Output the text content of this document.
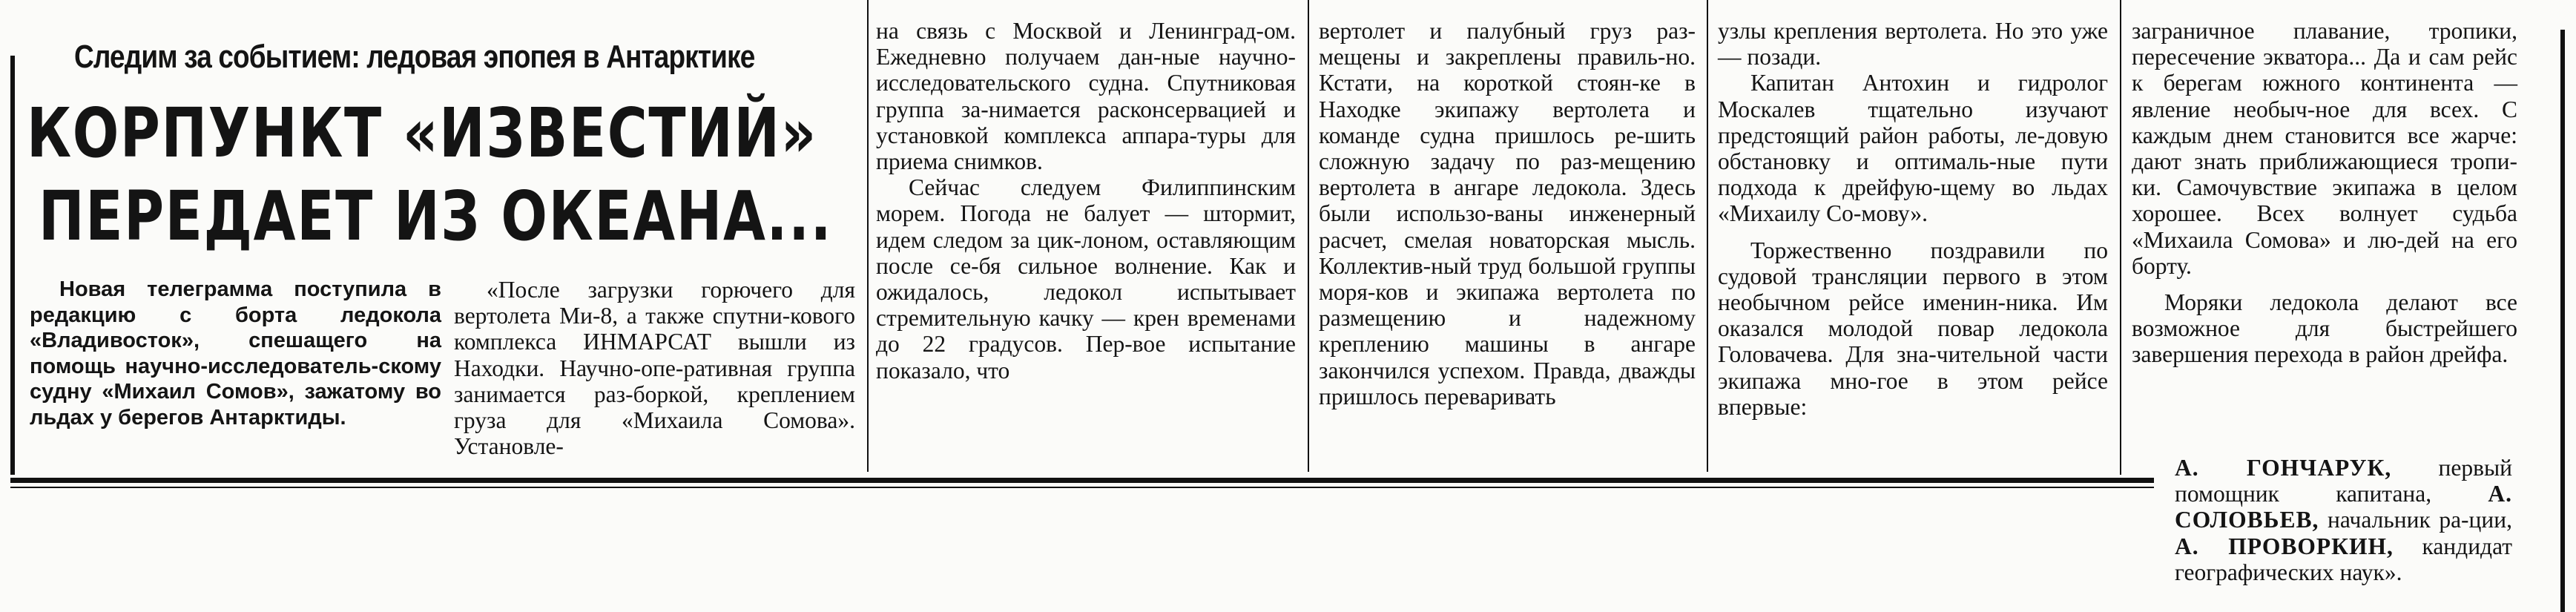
Следим за событием: ледовая эпопея в Антарктике
КОРПУНКТ «ИЗВЕСТИЙ»
ПЕРЕДАЕТ ИЗ ОКЕАНА...

Новая телеграмма поступила в редакцию с борта ледокола «Владивосток», спешащего на помощь научно-исследователь-скому судну «Михаил Сомов», зажатому во льдах у берегов Антарктиды.

«После загрузки горючего для вертолета Ми-8, а также спутни-кового комплекса ИНМАРСАТ вышли из Находки. Научно-опе-ративная группа занимается раз-боркой, креплением груза для «Михаила Сомова». Установле-

на связь с Москвой и Ленинград-ом. Ежедневно получаем дан-ные научно-исследовательского судна. Спутниковая группа за-нимается расконсервацией и установкой комплекса аппара-туры для приема снимков.

Сейчас следуем Филиппинским морем. Погода не балует — штормит, идем следом за цик-лоном, оставляющим после се-бя сильное волнение. Как и ожидалось, ледокол испытывает стремительную качку — крен временами до 22 градусов. Пер-вое испытание показало, что

вертолет и палубный груз раз-мещены и закреплены правиль-но. Кстати, на короткой стоян-ке в Находке экипажу вертолета и команде судна пришлось ре-шить сложную задачу по раз-мещению вертолета в ангаре ледокола. Здесь были использо-ваны инженерный расчет, смелая новаторская мысль. Коллектив-ный труд большой группы моря-ков и экипажа вертолета по размещению и надежному креплению машины в ангаре закончился успехом. Правда, дважды пришлось переваривать

узлы крепления вертолета. Но это уже — позади.

Капитан Антохин и гидролог Москалев тщательно изучают предстоящий район работы, ле-довую обстановку и оптималь-ные пути подхода к дрейфую-щему во льдах «Михаилу Со-мову».

Торжественно поздравили по судовой трансляции первого в этом необычном рейсе именин-ника. Им оказался молодой повар ледокола Головачева. Для зна-чительной части экипажа мно-гое в этом рейсе впервые:

заграничное плавание, тропики, пересечение экватора... Да и сам рейс к берегам южного континента — явление необыч-ное для всех. С каждым днем становится все жарче: дают знать приближающиеся тропи-ки. Самочувствие экипажа в целом хорошее. Всех волнует судьба «Михаила Сомова» и лю-дей на его борту.

Моряки ледокола делают все возможное для быстрейшего завершения перехода в район дрейфа.

А. ГОНЧАРУК, первый помощник капитана, А. СОЛОВЬЕВ, начальник ра-ции, А. ПРОВОРКИН, кандидат географических наук».
